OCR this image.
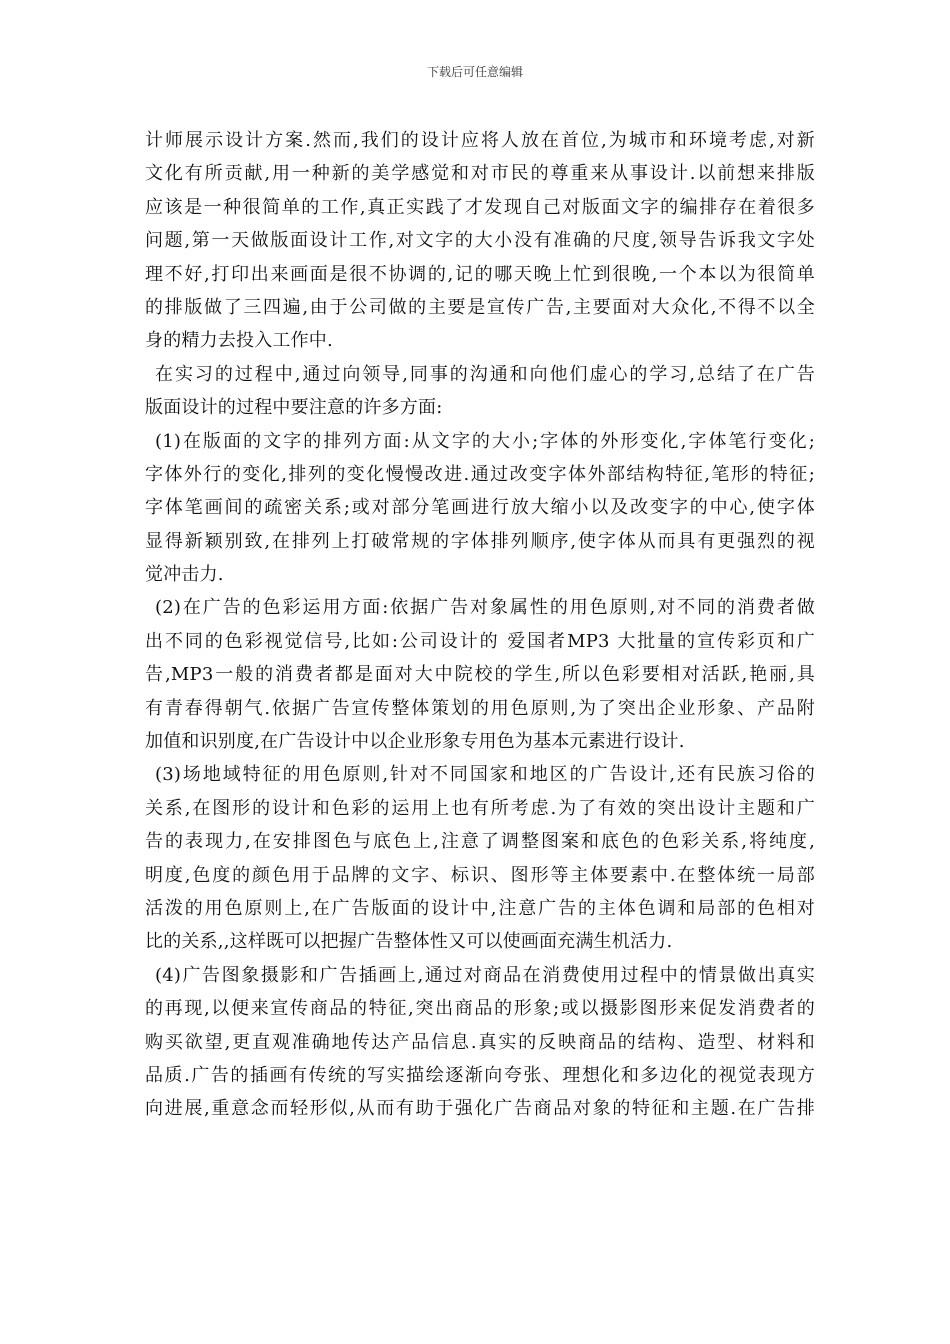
下载后可任意编辑
计师展示设计方案.然而,我们的设计应将人放在首位,为城市和环境考虑,对新
文化有所贡献,用一种新的美学感觉和对市民的尊重来从事设计.以前想来排版
应该是一种很简单的工作,真正实践了才发现自己对版面文字的编排存在着很多
问题,第一天做版面设计工作,对文字的大小没有准确的尺度,领导告诉我文字处
理不好,打印出来画面是很不协调的,记的哪天晚上忙到很晚,一个本以为很简单
的排版做了三四遍,由于公司做的主要是宣传广告,主要面对大众化,不得不以全
身的精力去投入工作中.
在实习的过程中,通过向领导,同事的沟通和向他们虚心的学习,总结了在广告
版面设计的过程中要注意的许多方面:
(1)在版面的文字的排列方面:从文字的大小;字体的外形变化,字体笔行变化;
字体外行的变化,排列的变化慢慢改进.通过改变字体外部结构特征,笔形的特征;
字体笔画间的疏密关系;或对部分笔画进行放大缩小以及改变字的中心,使字体
显得新颖别致,在排列上打破常规的字体排列顺序,使字体从而具有更强烈的视
觉冲击力.
(2)在广告的色彩运用方面:依据广告对象属性的用色原则,对不同的消费者做
出不同的色彩视觉信号,比如:公司设计的 爱国者MP3 大批量的宣传彩页和广
告,MP3一般的消费者都是面对大中院校的学生,所以色彩要相对活跃,艳丽,具
有青春得朝气.依据广告宣传整体策划的用色原则,为了突出企业形象、产品附
加值和识别度,在广告设计中以企业形象专用色为基本元素进行设计.
(3)场地域特征的用色原则,针对不同国家和地区的广告设计,还有民族习俗的
关系,在图形的设计和色彩的运用上也有所考虑.为了有效的突出设计主题和广
告的表现力,在安排图色与底色上,注意了调整图案和底色的色彩关系,将纯度,
明度,色度的颜色用于品牌的文字、标识、图形等主体要素中.在整体统一局部
活泼的用色原则上,在广告版面的设计中,注意广告的主体色调和局部的色相对
比的关系,,这样既可以把握广告整体性又可以使画面充满生机活力.
(4)广告图象摄影和广告插画上,通过对商品在消费使用过程中的情景做出真实
的再现,以便来宣传商品的特征,突出商品的形象;或以摄影图形来促发消费者的
购买欲望,更直观准确地传达产品信息.真实的反映商品的结构、造型、材料和
品质.广告的插画有传统的写实描绘逐渐向夸张、理想化和多边化的视觉表现方
向进展,重意念而轻形似,从而有助于强化广告商品对象的特征和主题.在广告排
